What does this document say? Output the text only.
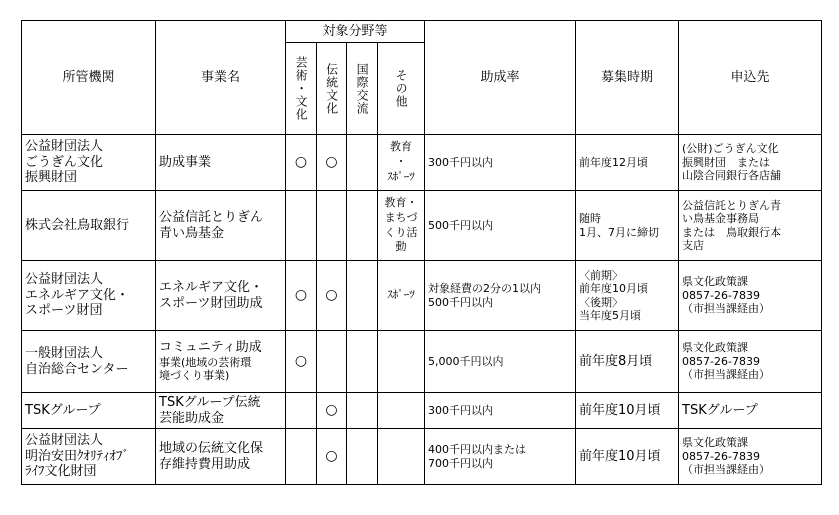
所管機関	事業名	対象分野等				助成率	募集時期	申込先

		芸術・文化	伝統文化	国際交流	その他			

公益財団法人
ごうぎん文化
振興財団	助成事業	○	○		教育
・
ｽﾎﾟｰﾂ	300千円以内	前年度12月頃	(公財)ごうぎん文化
振興財団　または
山陰合同銀行各店舗

株式会社鳥取銀行	公益信託とりぎん
青い鳥基金				教育・
まちづ
くり活
動	500千円以内	随時
1月、7月に締切	公益信託とりぎん青
い鳥基金事務局
または　鳥取銀行本
支店

公益財団法人
エネルギア文化・
スポーツ財団	エネルギア文化・
スポーツ財団助成	○	○		ｽﾎﾟｰﾂ	対象経費の2分の1以内
500千円以内	〈前期〉
前年度10月頃
〈後期〉
当年度5月頃	県文化政策課
0857-26-7839
（市担当課経由）

一般財団法人
自治総合センター	コミュニティ助成
事業(地域の芸術環
境づくり事業)	○				5,000千円以内	前年度8月頃	県文化政策課
0857-26-7839
（市担当課経由）

TSKグループ	TSKグループ伝統
芸能助成金		○			300千円以内	前年度10月頃	TSKグループ

公益財団法人
明治安田ｸｵﾘﾃｨｵﾌﾞ
ﾗｲﾌ文化財団	地域の伝統文化保
存維持費用助成		○			400千円以内または
700千円以内	前年度10月頃	県文化政策課
0857-26-7839
（市担当課経由）
